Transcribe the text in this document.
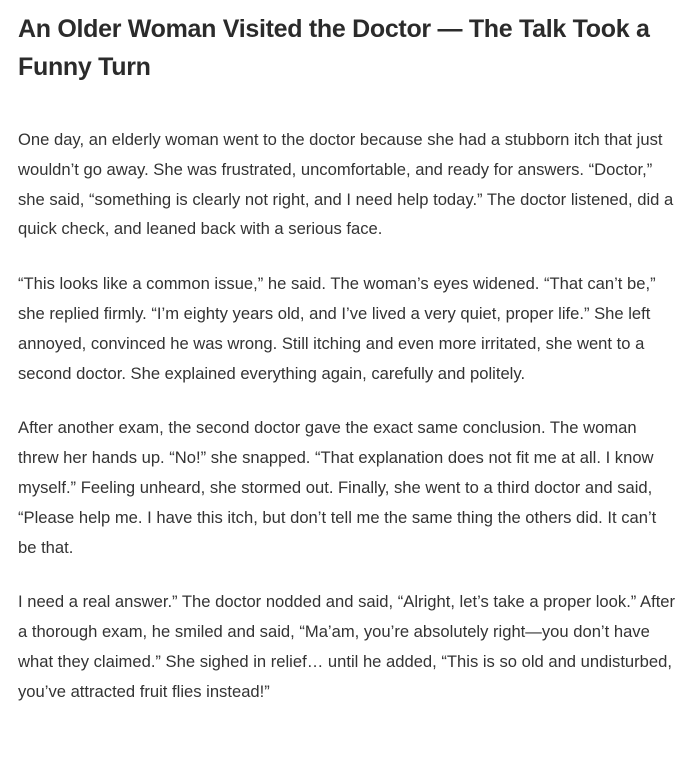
An Older Woman Visited the Doctor — The Talk Took a Funny Turn

One day, an elderly woman went to the doctor because she had a stubborn itch that just wouldn’t go away. She was frustrated, uncomfortable, and ready for answers. “Doctor,” she said, “something is clearly not right, and I need help today.” The doctor listened, did a quick check, and leaned back with a serious face.

“This looks like a common issue,” he said. The woman’s eyes widened. “That can’t be,” she replied firmly. “I’m eighty years old, and I’ve lived a very quiet, proper life.” She left annoyed, convinced he was wrong. Still itching and even more irritated, she went to a second doctor. She explained everything again, carefully and politely.

After another exam, the second doctor gave the exact same conclusion. The woman threw her hands up. “No!” she snapped. “That explanation does not fit me at all. I know myself.” Feeling unheard, she stormed out. Finally, she went to a third doctor and said, “Please help me. I have this itch, but don’t tell me the same thing the others did. It can’t be that.

I need a real answer.” The doctor nodded and said, “Alright, let’s take a proper look.” After a thorough exam, he smiled and said, “Ma’am, you’re absolutely right—you don’t have what they claimed.” She sighed in relief… until he added, “This is so old and undisturbed, you’ve attracted fruit flies instead!”
